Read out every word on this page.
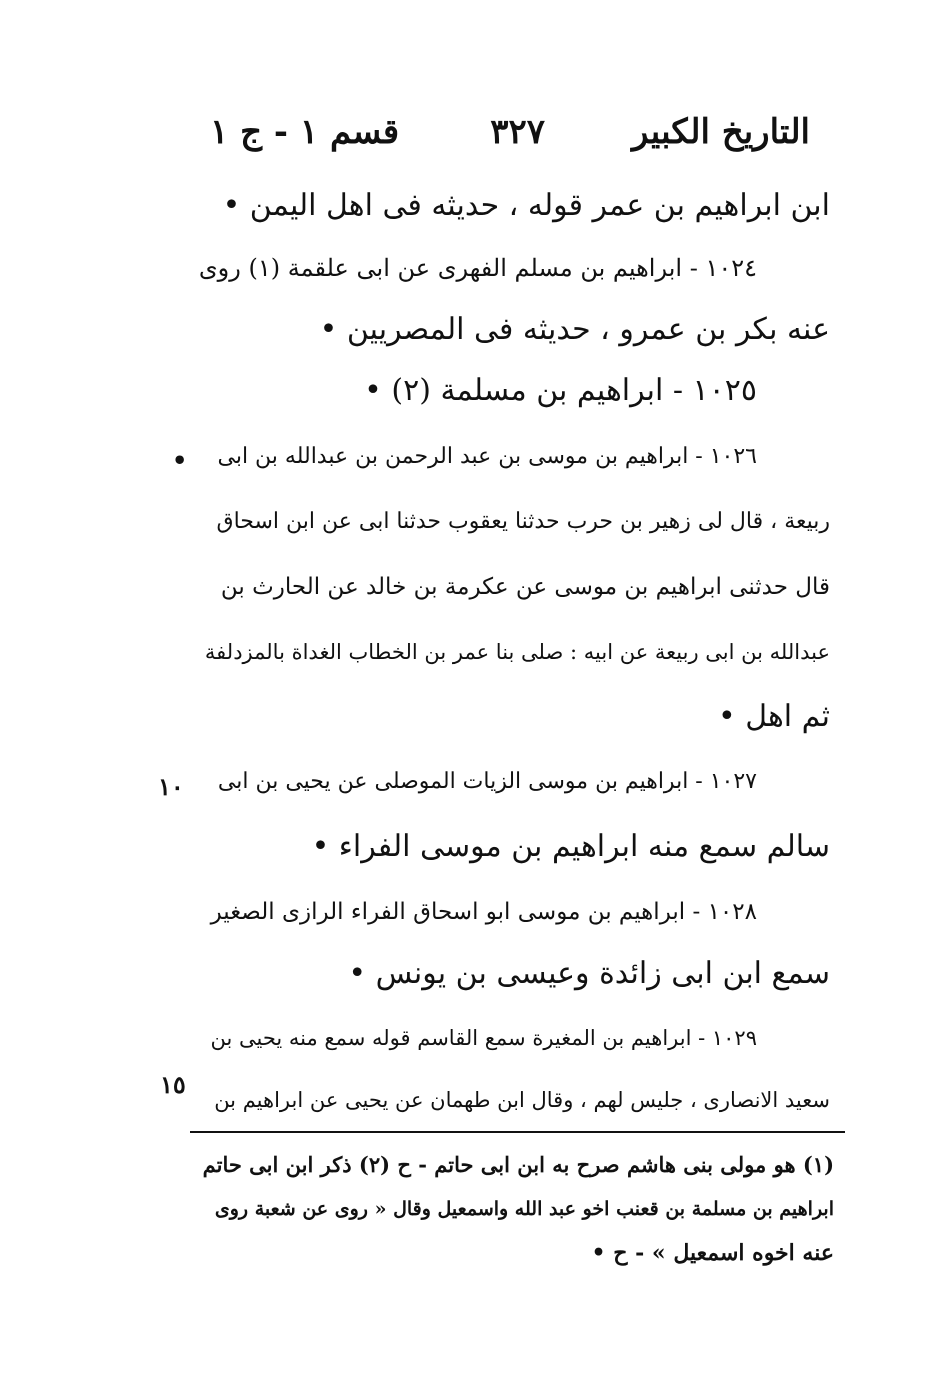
التاريخ الكبير
٣٢٧
قسم ١ - ج ١
ابن ابراهيم بن عمر قوله ، حديثه فى اهل اليمن •
١٠٢٤ - ابراهيم بن مسلم الفهرى عن ابى علقمة (١) روى
عنه بكر بن عمرو ، حديثه فى المصريين •
١٠٢٥ - ابراهيم بن مسلمة (٢) •
١٠٢٦ - ابراهيم بن موسى بن عبد الرحمن بن عبدالله بن ابى
ربيعة ، قال لى زهير بن حرب حدثنا يعقوب حدثنا ابى عن ابن اسحاق
قال حدثنى ابراهيم بن موسى عن عكرمة بن خالد عن الحارث بن
عبدالله بن ابى ربيعة عن ابيه : صلى بنا عمر بن الخطاب الغداة بالمزدلفة
ثم اهل •
١٠٢٧ - ابراهيم بن موسى الزيات الموصلى عن يحيى بن ابى
سالم سمع منه ابراهيم بن موسى الفراء •
١٠٢٨ - ابراهيم بن موسى ابو اسحاق الفراء الرازى الصغير
سمع ابن ابى زائدة وعيسى بن يونس •
١٠٢٩ - ابراهيم بن المغيرة سمع القاسم قوله سمع منه يحيى بن
سعيد الانصارى ، جليس لهم ، وقال ابن طهمان عن يحيى عن ابراهيم بن
•
١٠
١٥
(١) هو مولى بنى هاشم صرح به ابن ابى حاتم - ح (٢) ذكر ابن ابى حاتم
ابراهيم بن مسلمة بن قعنب اخو عبد الله واسمعيل وقال « روى عن شعبة روى
عنه اخوه اسمعيل » - ح •
